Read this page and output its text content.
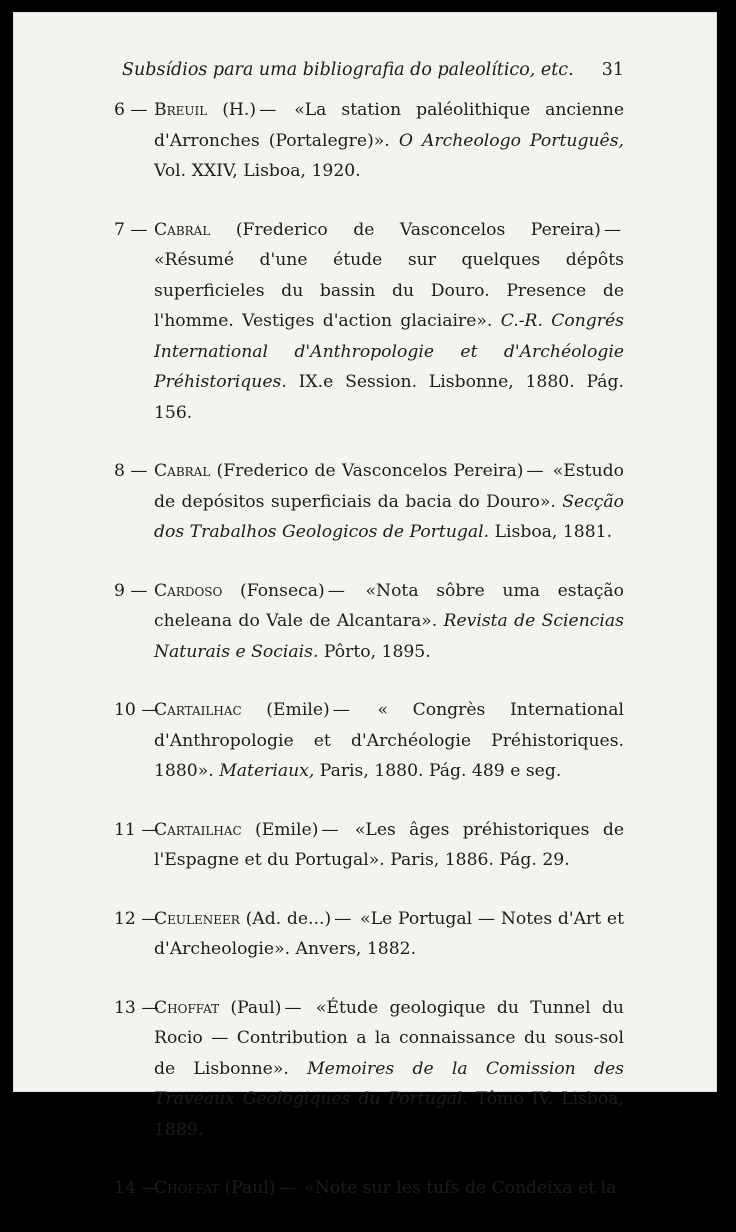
Subsídios para uma bibliografia do paleolítico, etc. 31
6 — Breuil (H.) — «La station paléolithique ancienne d'Arronches (Portalegre)». O Archeologo Português, Vol. XXIV, Lisboa, 1920.
7 — Cabral (Frederico de Vasconcelos Pereira) — «Résumé d'une étude sur quelques dépôts superficieles du bassin du Douro. Presence de l'homme. Vestiges d'action glaciaire». C.-R. Congrés International d'Anthropologie et d'Archéologie Préhistoriques. IX.e Session. Lisbonne, 1880. Pág. 156.
8 — Cabral (Frederico de Vasconcelos Pereira) — «Estudo de depósitos superficiais da bacia do Douro». Secção dos Trabalhos Geologicos de Portugal. Lisboa, 1881.
9 — Cardoso (Fonseca) — «Nota sôbre uma estação cheleana do Vale de Alcantara». Revista de Sciencias Naturais e Sociais. Pôrto, 1895.
10 —
Cartailhac (Emile) — « Congrès International d'Anthropologie et d'Archéologie Préhistoriques. 1880». Materiaux, Paris, 1880. Pág. 489 e seg.
11 —
Cartailhac (Emile) — «Les âges préhistoriques de l'Espagne et du Portugal». Paris, 1886. Pág. 29.
12 —
Ceuleneer (Ad. de...) — «Le Portugal — Notes d'Art et d'Archeologie». Anvers, 1882.
13 —
Choffat (Paul) — «Étude geologique du Tunnel du Rocio — Contribution a la connaissance du sous-sol de Lisbonne». Memoires de la Comission des Traveaux Geologiques du Portugal. Tômo IV. Lisboa, 1889.
14 —
Choffat (Paul) — «Note sur les tufs de Condeixa et la
